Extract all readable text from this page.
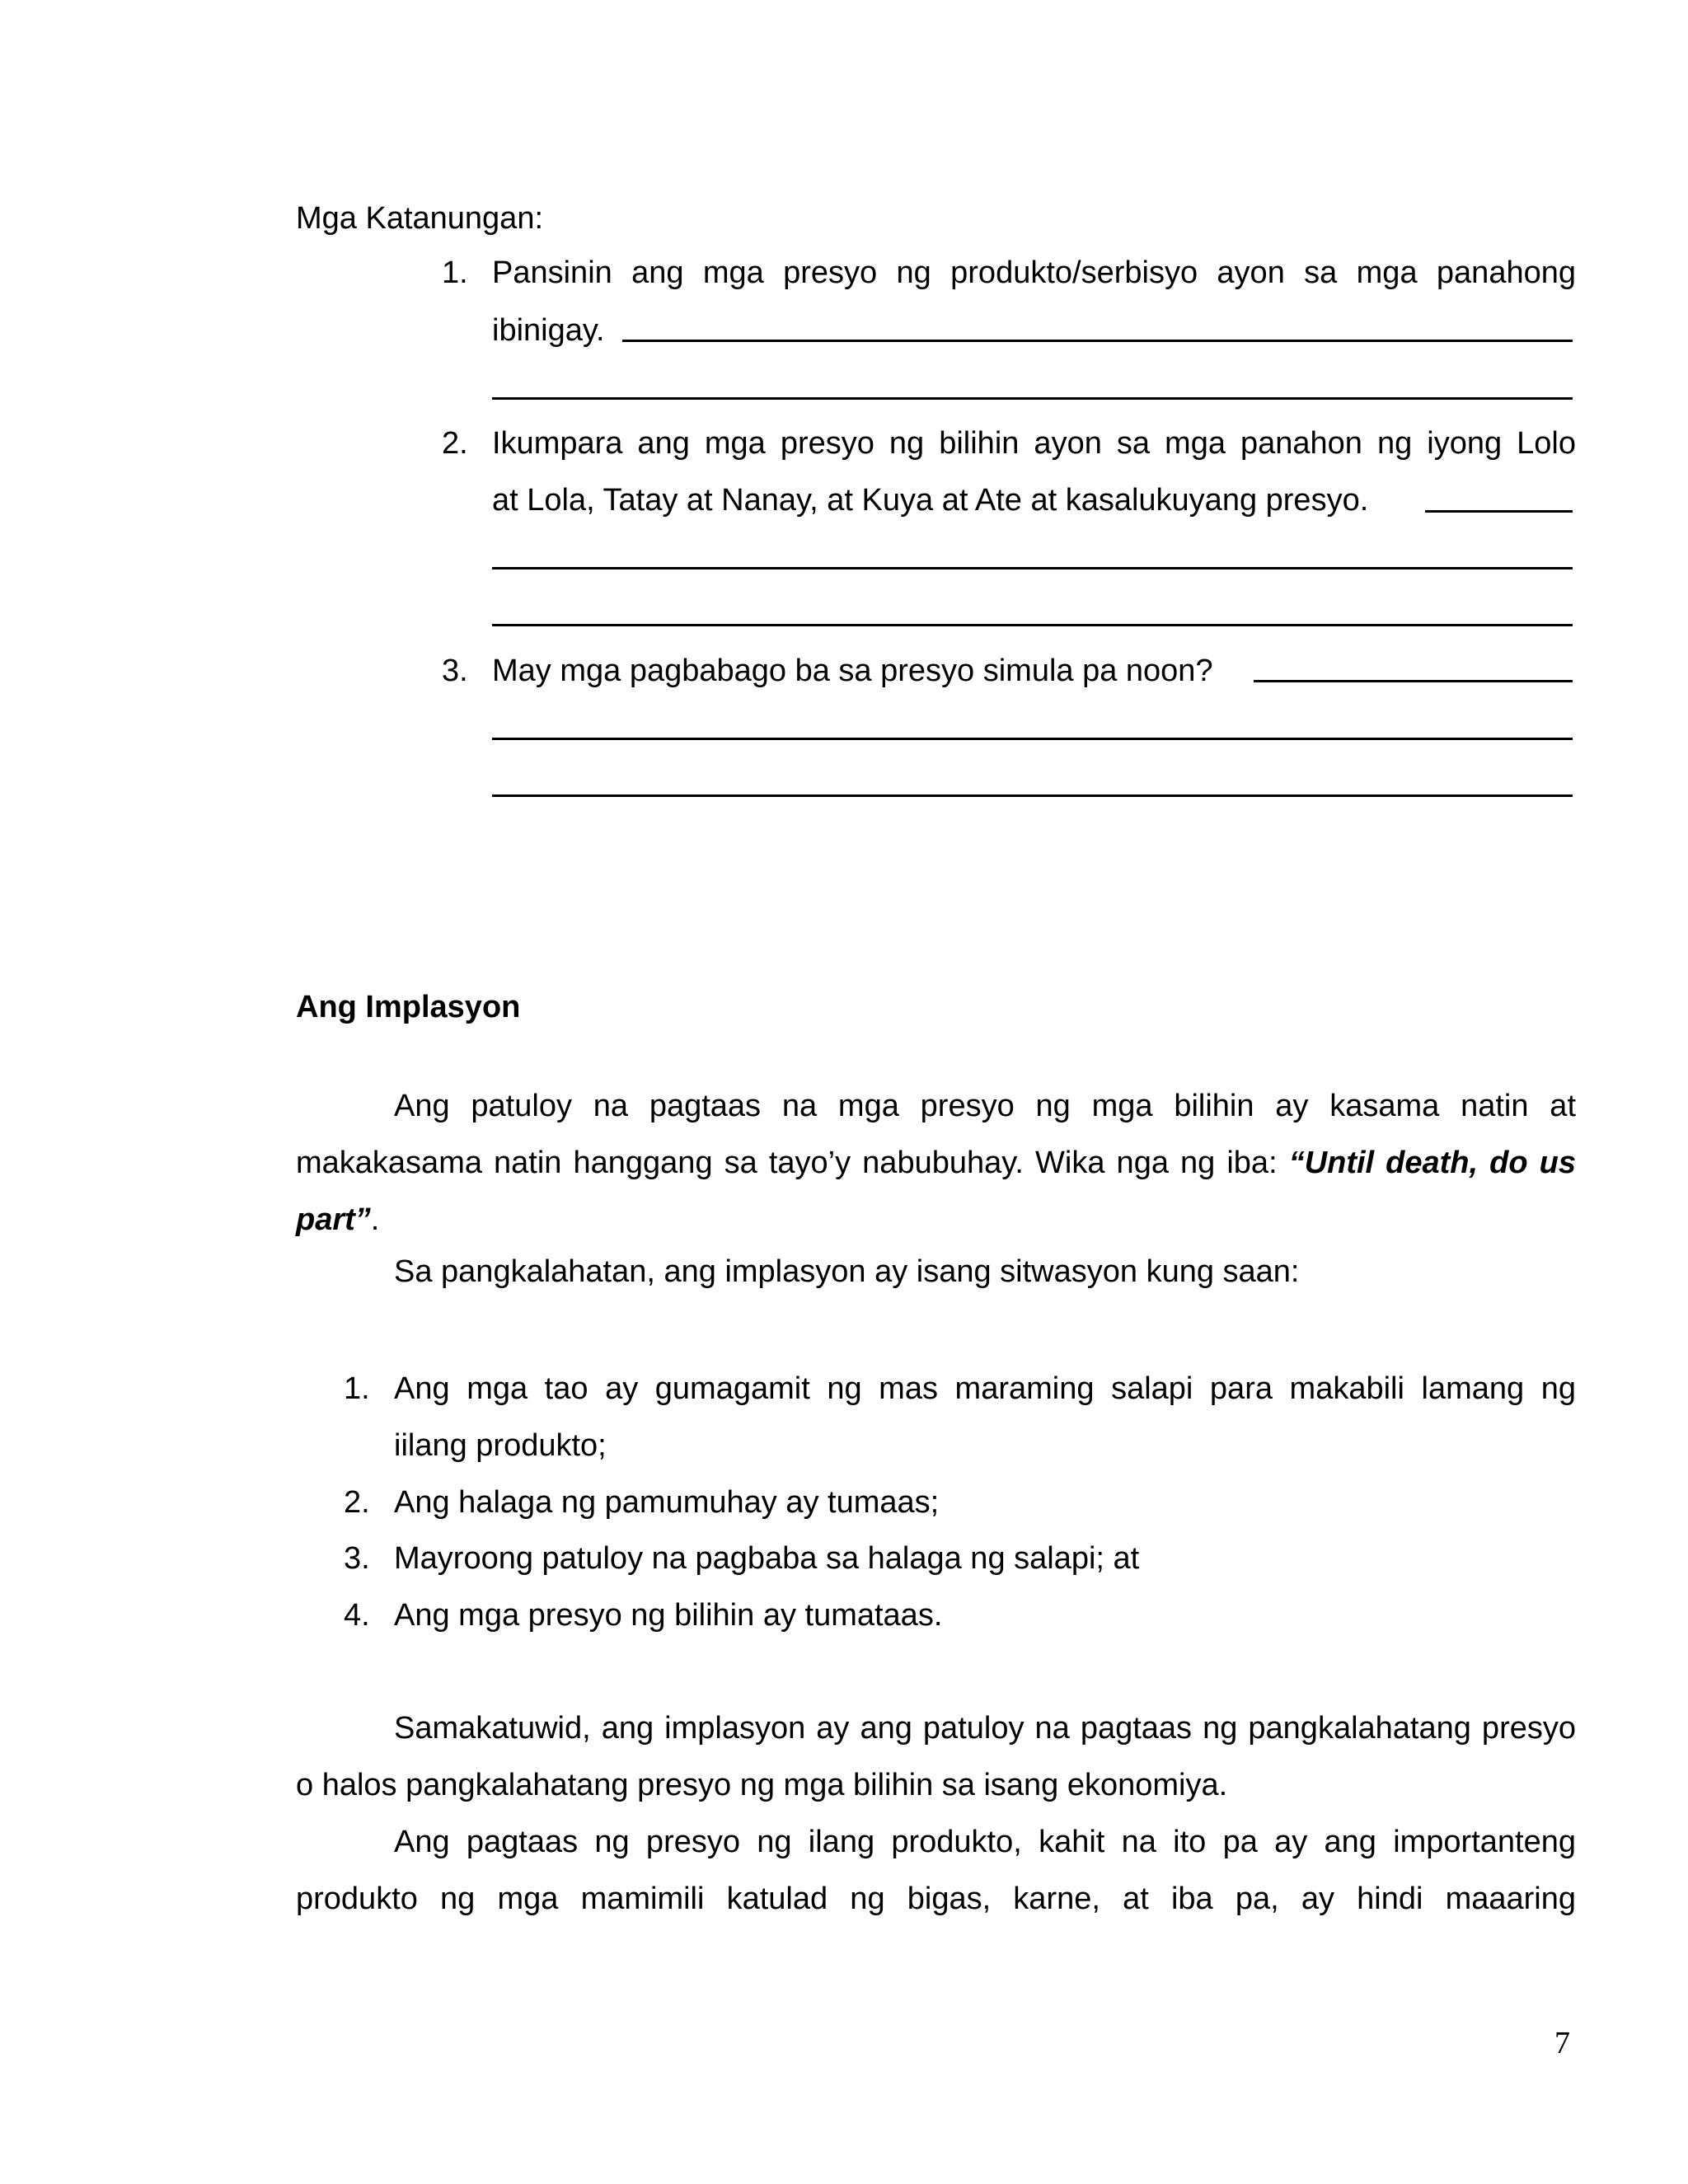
Mga Katanungan:

1. Pansinin ang mga presyo ng produkto/serbisyo ayon sa mga panahong
ibinigay.
2. Ikumpara ang mga presyo ng bilihin ayon sa mga panahon ng iyong Lolo
at Lola, Tatay at Nanay, at Kuya at Ate at kasalukuyang presyo.
3. May mga pagbabago ba sa presyo simula pa noon?

Ang Implasyon

Ang patuloy na pagtaas na mga presyo ng mga bilihin ay kasama natin at makakasama natin hanggang sa tayo’y nabubuhay. Wika nga ng iba: “Until death, do us part”.

Sa pangkalahatan, ang implasyon ay isang sitwasyon kung saan:

1. Ang mga tao ay gumagamit ng mas maraming salapi para makabili lamang ng
iilang produkto;
2. Ang halaga ng pamumuhay ay tumaas;
3. Mayroong patuloy na pagbaba sa halaga ng salapi; at
4. Ang mga presyo ng bilihin ay tumataas.

Samakatuwid, ang implasyon ay ang patuloy na pagtaas ng pangkalahatang presyo o halos pangkalahatang presyo ng mga bilihin sa isang ekonomiya.

Ang pagtaas ng presyo ng ilang produkto, kahit na ito pa ay ang importanteng produkto ng mga mamimili katulad ng bigas, karne, at iba pa, ay hindi maaaring

7
